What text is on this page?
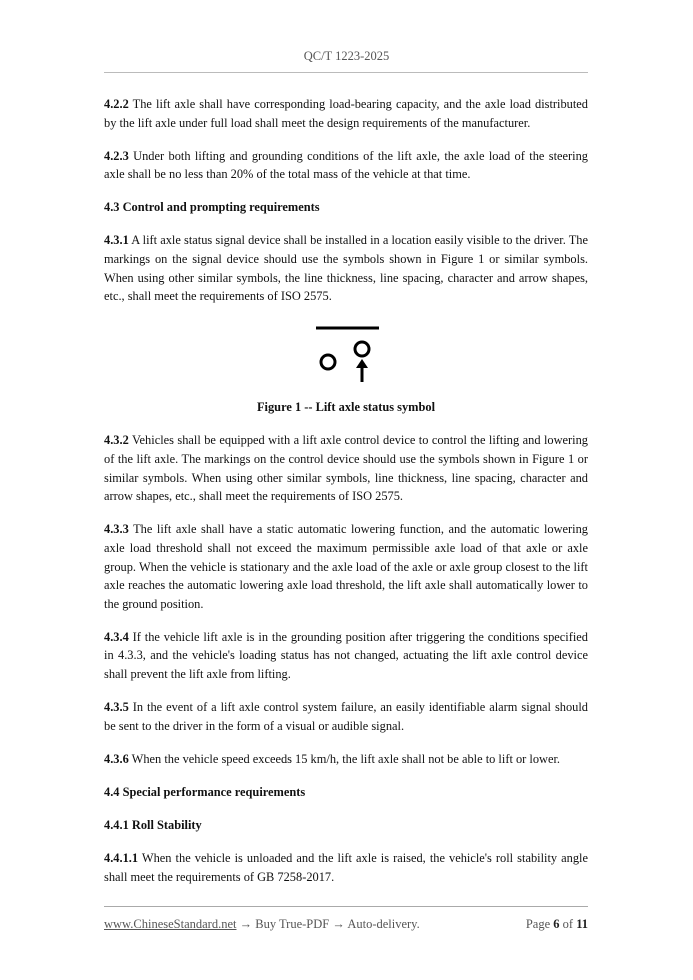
QC/T 1223-2025

4.2.2 The lift axle shall have corresponding load-bearing capacity, and the axle load distributed by the lift axle under full load shall meet the design requirements of the manufacturer.

4.2.3 Under both lifting and grounding conditions of the lift axle, the axle load of the steering axle shall be no less than 20% of the total mass of the vehicle at that time.

4.3 Control and prompting requirements

4.3.1 A lift axle status signal device shall be installed in a location easily visible to the driver. The markings on the signal device should use the symbols shown in Figure 1 or similar symbols. When using other similar symbols, the line thickness, line spacing, character and arrow shapes, etc., shall meet the requirements of ISO 2575.

Figure 1 -- Lift axle status symbol

4.3.2 Vehicles shall be equipped with a lift axle control device to control the lifting and lowering of the lift axle. The markings on the control device should use the symbols shown in Figure 1 or similar symbols. When using other similar symbols, line thickness, line spacing, character and arrow shapes, etc., shall meet the requirements of ISO 2575.

4.3.3 The lift axle shall have a static automatic lowering function, and the automatic lowering axle load threshold shall not exceed the maximum permissible axle load of that axle or axle group. When the vehicle is stationary and the axle load of the axle or axle group closest to the lift axle reaches the automatic lowering axle load threshold, the lift axle shall automatically lower to the ground position.

4.3.4 If the vehicle lift axle is in the grounding position after triggering the conditions specified in 4.3.3, and the vehicle's loading status has not changed, actuating the lift axle control device shall prevent the lift axle from lifting.

4.3.5 In the event of a lift axle control system failure, an easily identifiable alarm signal should be sent to the driver in the form of a visual or audible signal.

4.3.6 When the vehicle speed exceeds 15 km/h, the lift axle shall not be able to lift or lower.

4.4 Special performance requirements

4.4.1 Roll Stability

4.4.1.1 When the vehicle is unloaded and the lift axle is raised, the vehicle's roll stability angle shall meet the requirements of GB 7258-2017.

www.ChineseStandard.net → Buy True-PDF → Auto-delivery.	Page 6 of 11
